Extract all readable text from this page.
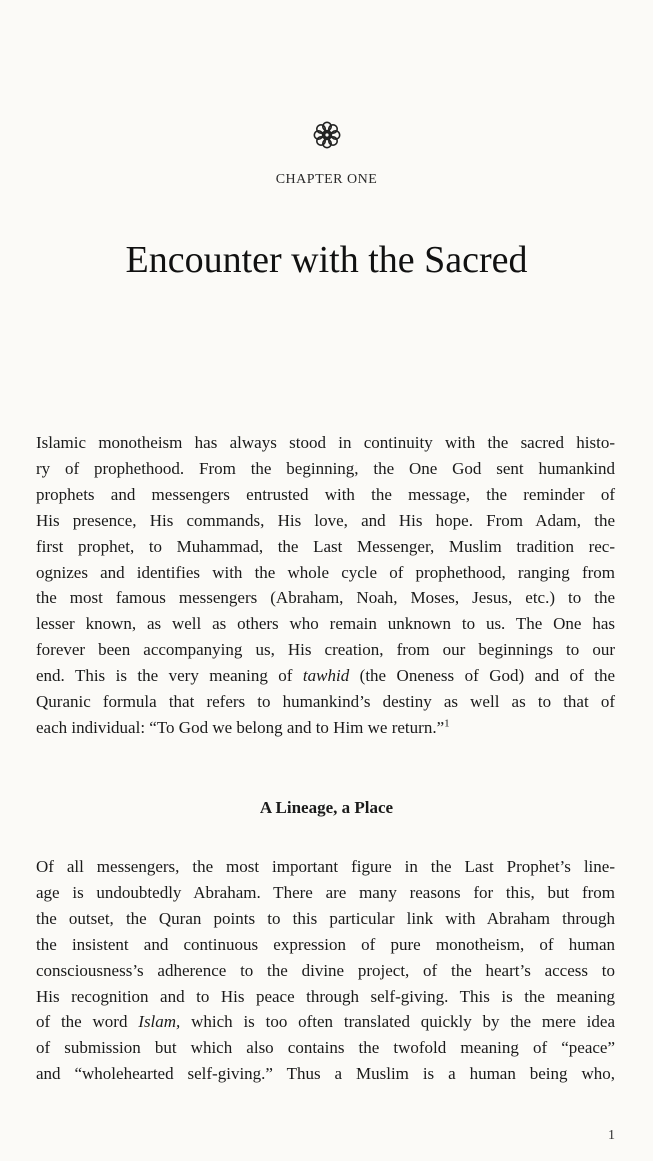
CHAPTER ONE
Encounter with the Sacred
Islamic monotheism has always stood in continuity with the sacred histo-
ry of prophethood. From the beginning, the One God sent humankind
prophets and messengers entrusted with the message, the reminder of
His presence, His commands, His love, and His hope. From Adam, the
first prophet, to Muhammad, the Last Messenger, Muslim tradition rec-
ognizes and identifies with the whole cycle of prophethood, ranging from
the most famous messengers (Abraham, Noah, Moses, Jesus, etc.) to the
lesser known, as well as others who remain unknown to us. The One has
forever been accompanying us, His creation, from our beginnings to our
end. This is the very meaning of tawhid (the Oneness of God) and of the
Quranic formula that refers to humankind’s destiny as well as to that of
each individual: “To God we belong and to Him we return.”$^1$
A Lineage, a Place
Of all messengers, the most important figure in the Last Prophet’s line-
age is undoubtedly Abraham. There are many reasons for this, but from
the outset, the Quran points to this particular link with Abraham through
the insistent and continuous expression of pure monotheism, of human
consciousness’s adherence to the divine project, of the heart’s access to
His recognition and to His peace through self-giving. This is the meaning
of the word Islam, which is too often translated quickly by the mere idea
of submission but which also contains the twofold meaning of “peace”
and “wholehearted self-giving.” Thus a Muslim is a human being who,
1
